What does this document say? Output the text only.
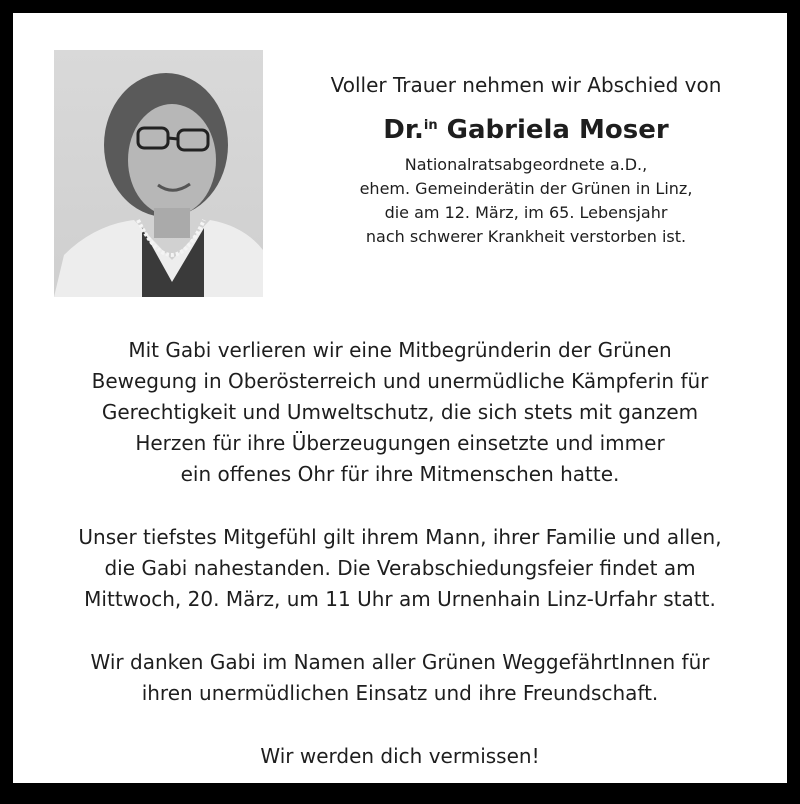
Voller Trauer nehmen wir Abschied von

Dr.$^{in}$ Gabriela Moser

Nationalratsabgeordnete a.D.,

ehem. Gemeinderätin der Grünen in Linz,

die am 12. März, im 65. Lebensjahr

nach schwerer Krankheit verstorben ist.

Mit Gabi verlieren wir eine Mitbegründerin der Grünen
Bewegung in Oberösterreich und unermüdliche Kämpferin für
Gerechtigkeit und Umweltschutz, die sich stets mit ganzem
Herzen für ihre Überzeugungen einsetzte und immer
ein offenes Ohr für ihre Mitmenschen hatte.

Unser tiefstes Mitgefühl gilt ihrem Mann, ihrer Familie und allen,
die Gabi nahestanden. Die Verabschiedungsfeier findet am
Mittwoch, 20. März, um 11 Uhr am Urnenhain Linz-Urfahr statt.

Wir danken Gabi im Namen aller Grünen WeggefährtInnen für
ihren unermüdlichen Einsatz und ihre Freundschaft.

Wir werden dich vermissen!
